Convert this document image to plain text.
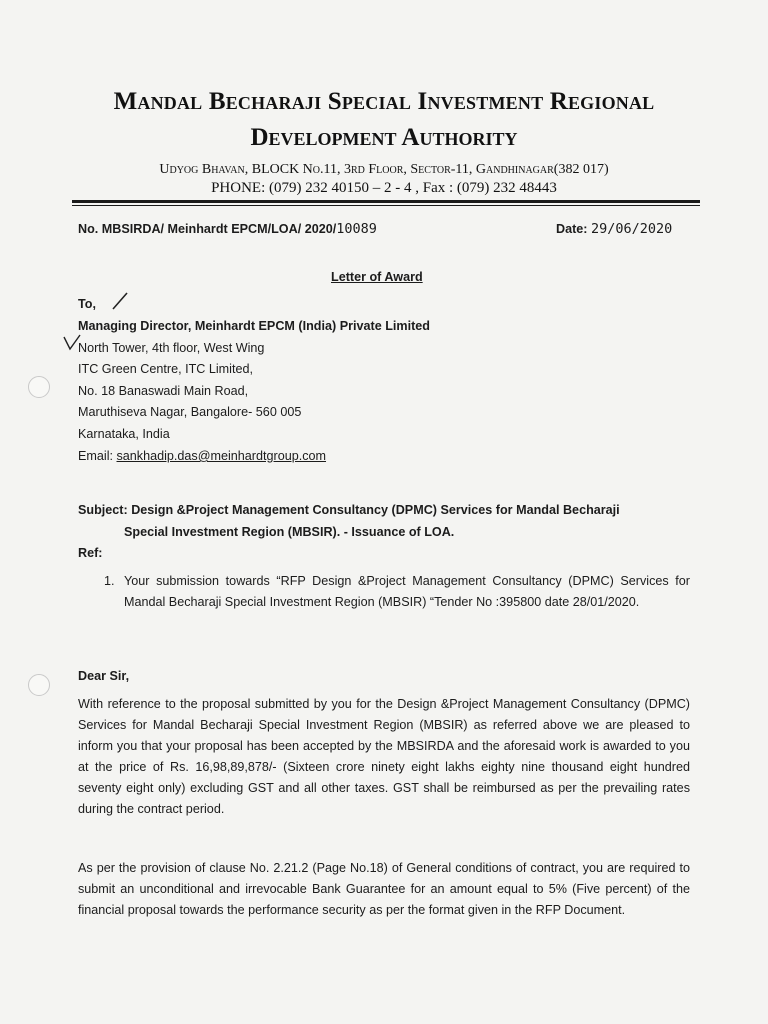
Mandal Becharaji Special Investment Regional
Development Authority
Udyog Bhavan, BLOCK No.11, 3rd Floor, Sector-11, Gandhinagar(382 017)
PHONE: (079) 232 40150 – 2 - 4 , Fax : (079) 232 48443
No. MBSIRDA/ Meinhardt EPCM/LOA/ 2020/10089	Date: 29/06/2020
Letter of Award
To,
Managing Director, Meinhardt EPCM (India) Private Limited
North Tower, 4th floor, West Wing
ITC Green Centre, ITC Limited,
No. 18 Banaswadi Main Road,
Maruthiseva Nagar, Bangalore- 560 005
Karnataka, India
Email: sankhadip.das@meinhardtgroup.com
Subject: Design &Project Management Consultancy (DPMC) Services for Mandal Becharaji
Special Investment Region (MBSIR). - Issuance of LOA.
Ref:
1. Your submission towards “RFP Design &Project Management Consultancy (DPMC) Services for Mandal Becharaji Special Investment Region (MBSIR) “Tender No :395800 date 28/01/2020.
Dear Sir,
With reference to the proposal submitted by you for the Design &Project Management Consultancy (DPMC) Services for Mandal Becharaji Special Investment Region (MBSIR) as referred above we are pleased to inform you that your proposal has been accepted by the MBSIRDA and the aforesaid work is awarded to you at the price of Rs. 16,98,89,878/- (Sixteen crore ninety eight lakhs eighty nine thousand eight hundred seventy eight only) excluding GST and all other taxes. GST shall be reimbursed as per the prevailing rates during the contract period.
As per the provision of clause No. 2.21.2 (Page No.18) of General conditions of contract, you are required to submit an unconditional and irrevocable Bank Guarantee for an amount equal to 5% (Five percent) of the financial proposal towards the performance security as per the format given in the RFP Document.
